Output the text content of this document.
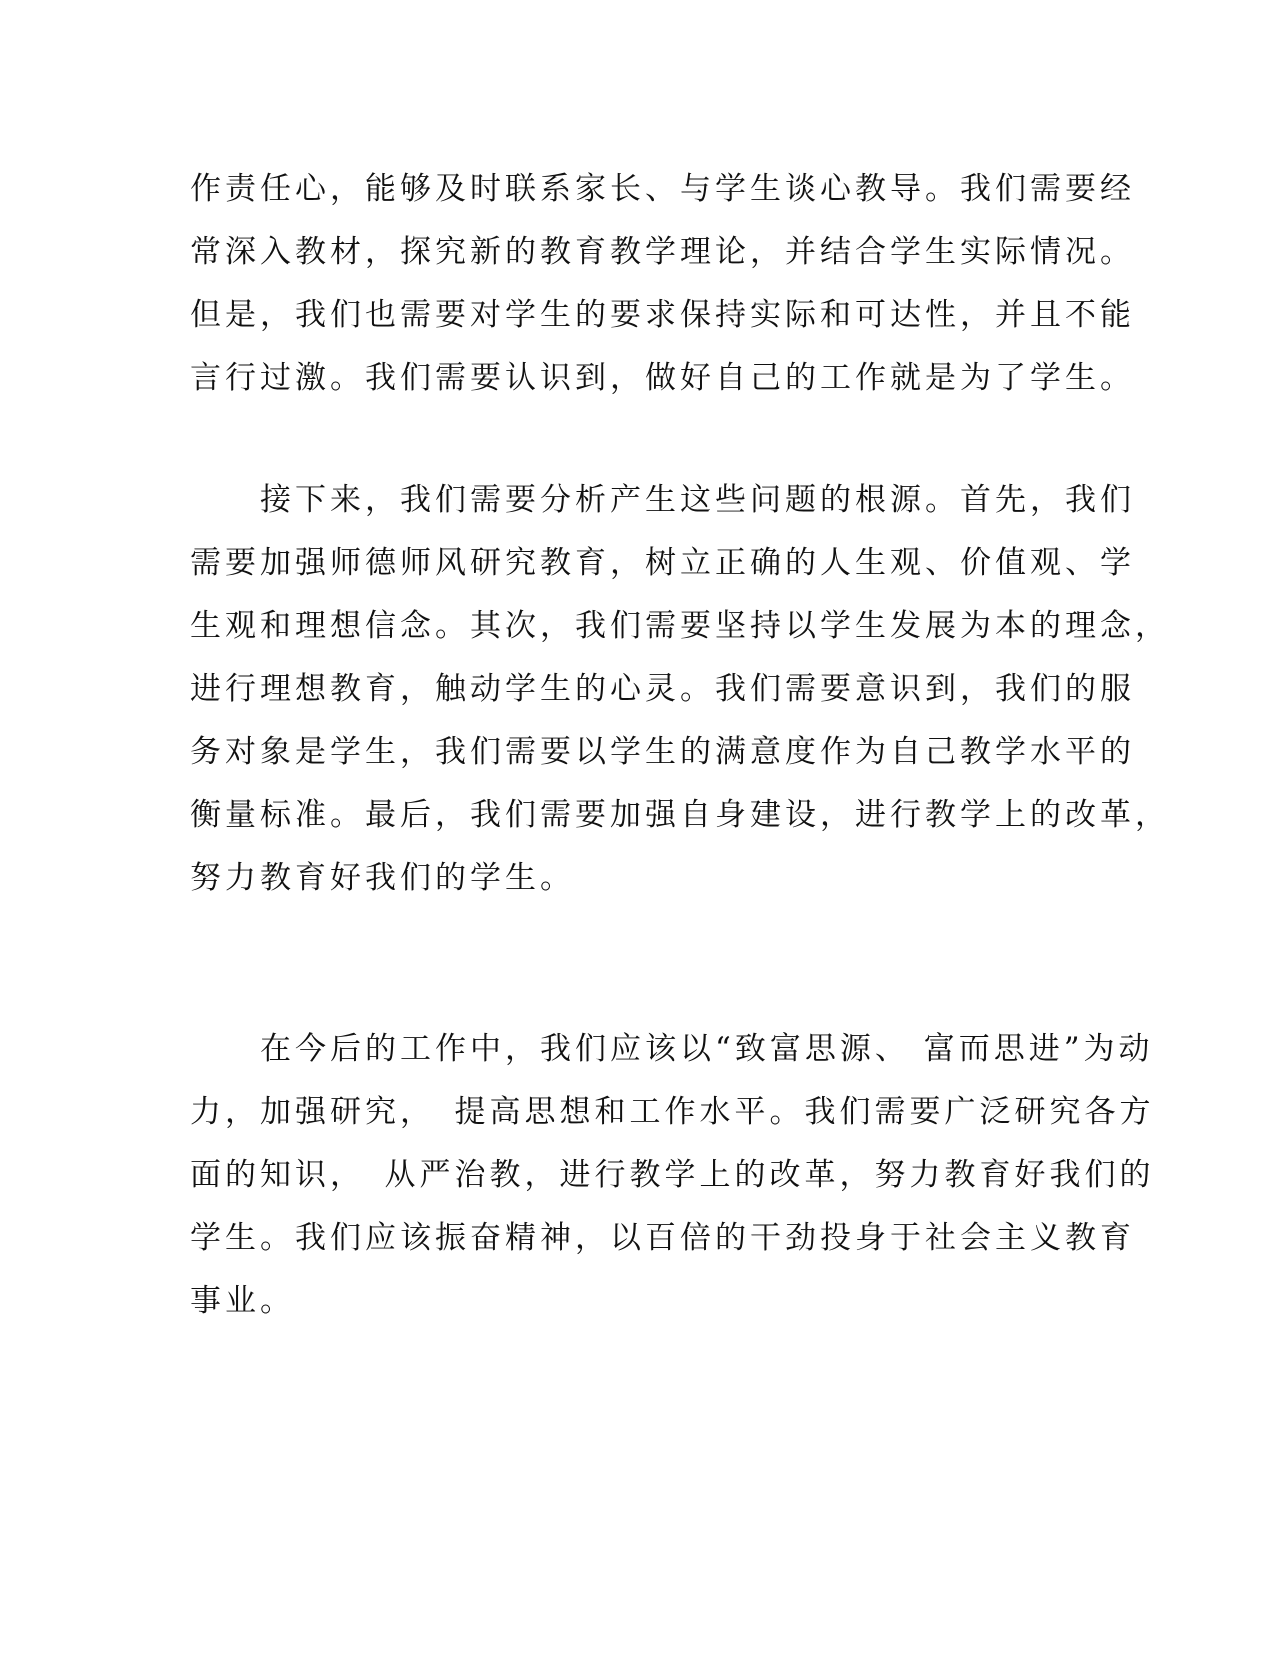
作责任心，能够及时联系家长、与学生谈心教导。我们需要经
常深入教材，探究新的教育教学理论，并结合学生实际情况。
但是，我们也需要对学生的要求保持实际和可达性，并且不能
言行过激。我们需要认识到，做好自己的工作就是为了学生。
　　接下来，我们需要分析产生这些问题的根源。首先，我们
需要加强师德师风研究教育，树立正确的人生观、价值观、学
生观和理想信念。其次，我们需要坚持以学生发展为本的理念，
进行理想教育，触动学生的心灵。我们需要意识到，我们的服
务对象是学生，我们需要以学生的满意度作为自己教学水平的
衡量标准。最后，我们需要加强自身建设，进行教学上的改革，
努力教育好我们的学生。
　　在今后的工作中，我们应该以“致富思源、 富而思进”为动
力，加强研究，　提高思想和工作水平。我们需要广泛研究各方
面的知识，　从严治教，进行教学上的改革，努力教育好我们的
学生。我们应该振奋精神，以百倍的干劲投身于社会主义教育
事业。
